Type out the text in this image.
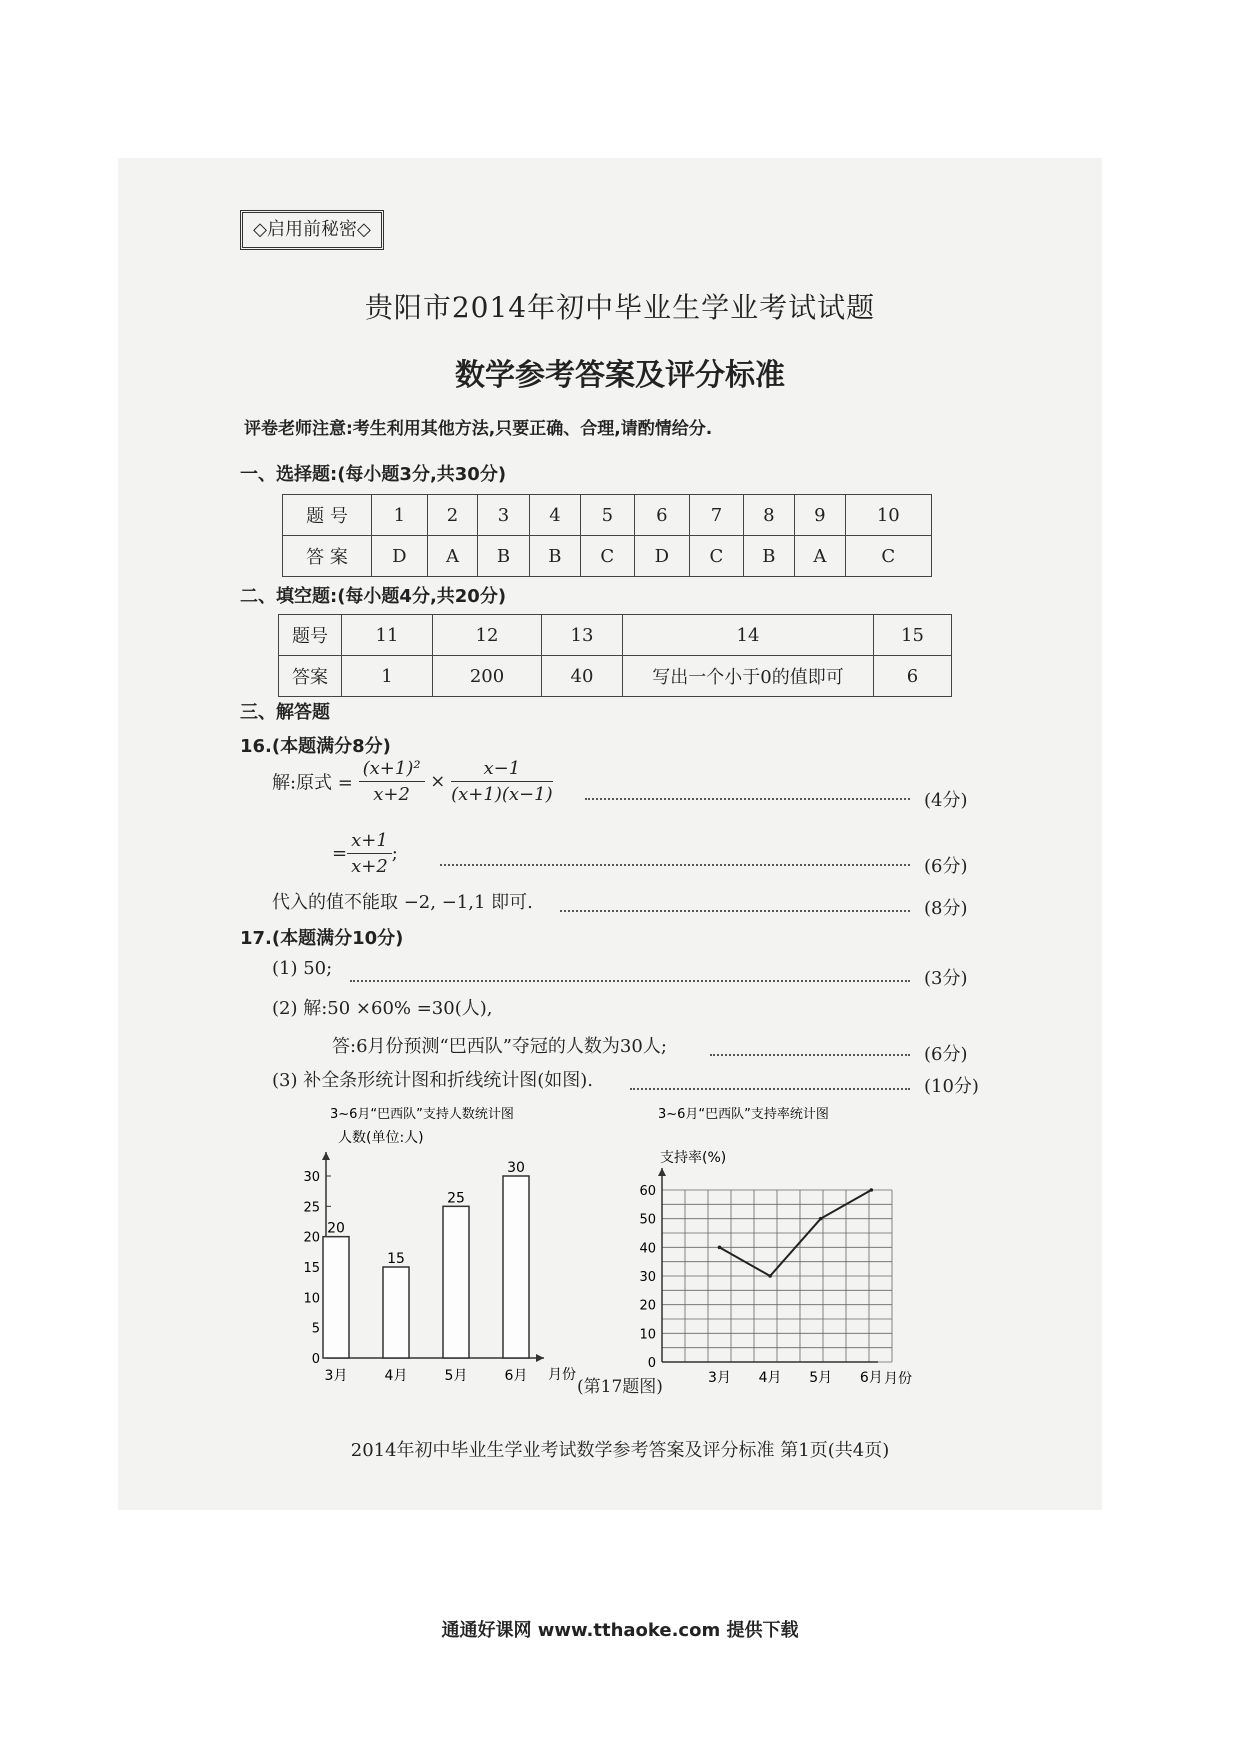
◇启用前秘密◇
贵阳市2014年初中毕业生学业考试试题
数学参考答案及评分标准
评卷老师注意:考生利用其他方法,只要正确、合理,请酌情给分.
一、选择题:(每小题3分,共30分)
题 号	1	2	3	4	5	6	7	8	9	10
答 案	D	A	B	B	C	D	C	B	A	C
二、填空题:(每小题4分,共20分)
题号	11	12	13	14	15
答案	1	200	40	写出一个小于0的值即可	6
三、解答题
16.(本题满分8分)
解:原式 = $\frac{\text{(x+1)²}}{x+2} \times \frac{x-1}{(x+1)(x-1)}$	(4分)
= $\frac{x+1}{x+2}$ ;
(6分)
代入的值不能取 −2, −1,1 即可.	(8分)
17.(本题满分10分)
(1) 50;	(3分)
(2) 解:50 ×60% =30(人),
答:6月份预测“巴西队”夺冠的人数为30人;	(6分)
(3) 补全条形统计图和折线统计图(如图).	(10分)
3~6月“巴西队”支持人数统计图
人数(单位:人)
月份
0
5
10
15
20
25
30
20
3月
15
4月
25
5月
30
6月
3~6月“巴西队”支持率统计图
支持率(%)
月份
0
10
20
30
40
50
60
3月 4月 5月 6月
(第17题图)
2014年初中毕业生学业考试数学参考答案及评分标准 第1页(共4页)
通通好课网 www.tthaoke.com 提供下载
